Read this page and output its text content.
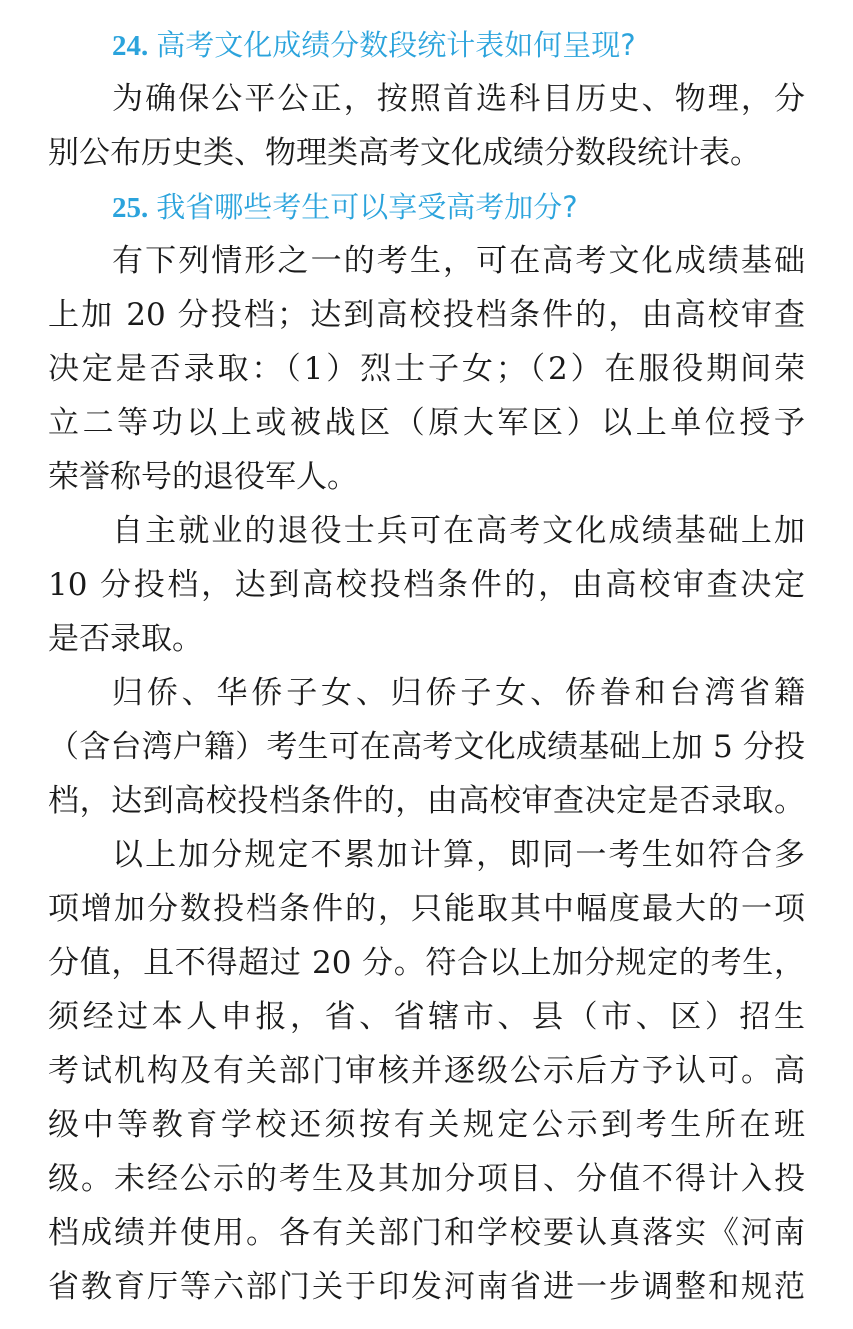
24. 高考文化成绩分数段统计表如何呈现?
为确保公平公正，按照首选科目历史、物理，分
别公布历史类、物理类高考文化成绩分数段统计表。
25. 我省哪些考生可以享受高考加分?
有下列情形之一的考生，可在高考文化成绩基础
上加 20 分投档；达到高校投档条件的，由高校审查
决定是否录取：（1）烈士子女；（2）在服役期间荣
立二等功以上或被战区（原大军区）以上单位授予
荣誉称号的退役军人。
自主就业的退役士兵可在高考文化成绩基础上加
10 分投档，达到高校投档条件的，由高校审查决定
是否录取。
归侨、华侨子女、归侨子女、侨眷和台湾省籍
（含台湾户籍）考生可在高考文化成绩基础上加 5 分投
档，达到高校投档条件的，由高校审查决定是否录取。
以上加分规定不累加计算，即同一考生如符合多
项增加分数投档条件的，只能取其中幅度最大的一项
分值，且不得超过 20 分。符合以上加分规定的考生，
须经过本人申报，省、省辖市、县（市、区）招生
考试机构及有关部门审核并逐级公示后方予认可。高
级中等教育学校还须按有关规定公示到考生所在班
级。未经公示的考生及其加分项目、分值不得计入投
档成绩并使用。各有关部门和学校要认真落实《河南
省教育厅等六部门关于印发河南省进一步调整和规范
